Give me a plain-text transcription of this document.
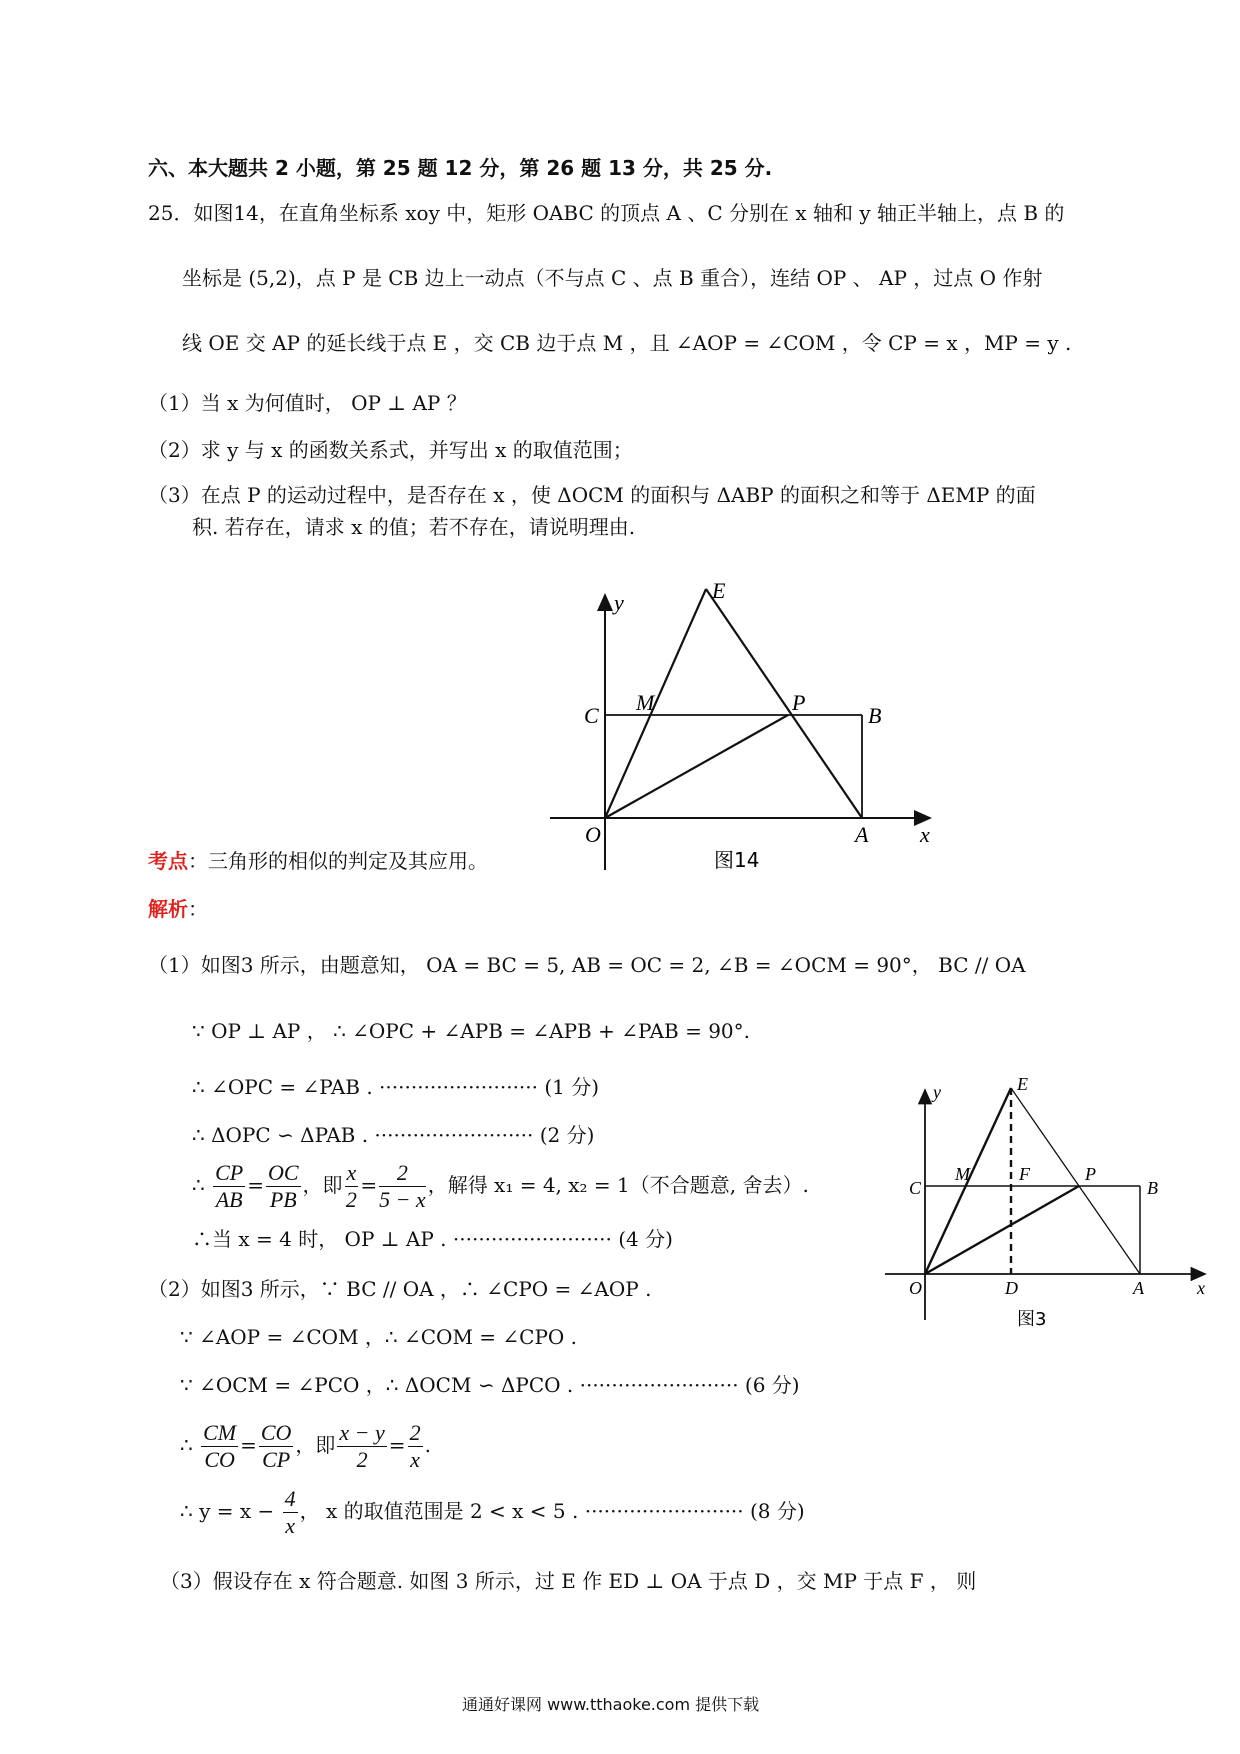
六、本大题共 2 小题，第 25 题 12 分，第 26 题 13 分，共 25 分.
25．如图14，在直角坐标系 xoy 中，矩形 OABC 的顶点 A 、C 分别在 x 轴和 y 轴正半轴上，点 B 的
坐标是 (5,2)，点 P 是 CB 边上一动点（不与点 C 、点 B 重合），连结 OP 、 AP ，过点 O 作射
线 OE 交 AP 的延长线于点 E ，交 CB 边于点 M ，且 ∠AOP = ∠COM ，令 CP = x ，MP = y .
（1）当 x 为何值时， OP ⊥ AP ？
（2）求 y 与 x 的函数关系式，并写出 x 的取值范围；
（3）在点 P 的运动过程中，是否存在 x ，使 ΔOCM 的面积与 ΔABP 的面积之和等于 ΔEMP 的面
积. 若存在，请求 x 的值；若不存在，请说明理由.
E
y
C
M	P
B
O	A x
图14
考点：三角形的相似的判定及其应用。
解析：
（1）如图3 所示，由题意知， OA = BC = 5, AB = OC = 2, ∠B = ∠OCM = 90°， BC // OA
∵ OP ⊥ AP ， ∴ ∠OPC + ∠APB = ∠APB + ∠PAB = 90°.
∴ ∠OPC = ∠PAB . ························· (1 分)
∴ ΔOPC ∽ ΔPAB . ························· (2 分)
∴ $\frac{CP}{AB} = \frac{OC}{PB}$ ，即 $\frac{x}{2} = \frac{2}{5 - x}$ ，解得 x₁ = 4, x₂ = 1（不合题意, 舍去）.
∴当 x = 4 时， OP ⊥ AP . ························· (4 分)
（2）如图3 所示，∵ BC // OA ，∴ ∠CPO = ∠AOP .
∵ ∠AOP = ∠COM ，∴ ∠COM = ∠CPO .
∵ ∠OCM = ∠PCO ，∴ ΔOCM ∽ ΔPCO . ························· (6 分)
∴ $\frac{CM}{CO} = \frac{CO}{CP}$ ，即 $\frac{x - y}{2} = \frac{2}{x}$ .
∴ $y = x - \frac{4}{x}$ ， x 的取值范围是 2 < x < 5 . ························· (8 分)
（3）假设存在 x 符合题意. 如图 3 所示，过 E 作 ED ⊥ OA 于点 D ，交 MP 于点 F ， 则
E
y
C
M	F	P
B
O	D	A	x
图3
通通好课网 www.tthaoke.com 提供下载
